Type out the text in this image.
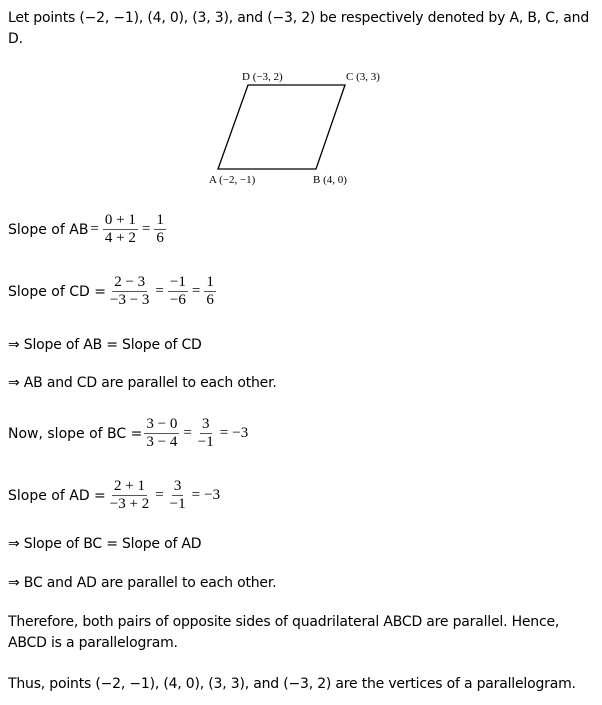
Let points (−2, −1), (4, 0), (3, 3), and (−3, 2) be respectively denoted by A, B, C, and D.
D (−3, 2)	C (3, 3)
A (−2, −1)	B (4, 0)
Slope of AB = $\frac{0 + 1}{4 + 2} = \frac{1}{6}$
Slope of CD = $\frac{2 - 3}{-3 - 3} = \frac{-1}{-6} = \frac{1}{6}$
⇒ Slope of AB = Slope of CD
⇒ AB and CD are parallel to each other.
Now, slope of BC = $\frac{3 - 0}{3 - 4} = \frac{3}{-1} = -3$
Slope of AD = $\frac{2 + 1}{-3 + 2} = \frac{3}{-1} = -3$
⇒ Slope of BC = Slope of AD
⇒ BC and AD are parallel to each other.
Therefore, both pairs of opposite sides of quadrilateral ABCD are parallel. Hence, ABCD is a parallelogram.
Thus, points (−2, −1), (4, 0), (3, 3), and (−3, 2) are the vertices of a parallelogram.
